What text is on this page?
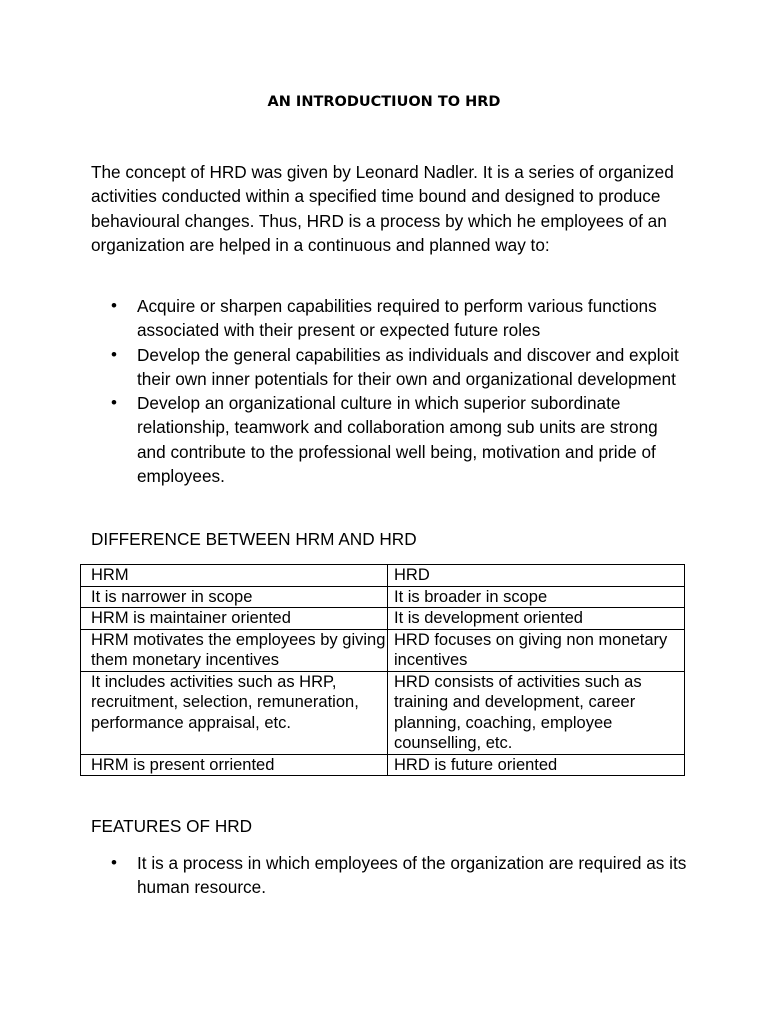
AN INTRODUCTIUON TO HRD

The concept of HRD was given by Leonard Nadler. It is a series of organized activities conducted within a specified time bound and designed to produce behavioural changes. Thus, HRD is a process by which he employees of an organization are helped in a continuous and planned way to:

• Acquire or sharpen capabilities required to perform various functions associated with their present or expected future roles
• Develop the general capabilities as individuals and discover and exploit their own inner potentials for their own and organizational development
• Develop an organizational culture in which superior subordinate relationship, teamwork and collaboration among sub units are strong and contribute to the professional well being, motivation and pride of employees.
DIFFERENCE BETWEEN HRM AND HRD
HRM	HRD
It is narrower in scope	It is broader in scope
HRM is maintainer oriented	It is development oriented
HRM motivates the employees by giving them monetary incentives	HRD focuses on giving non monetary incentives
It includes activities such as HRP, recruitment, selection, remuneration, performance appraisal, etc.	HRD consists of activities such as training and development, career planning, coaching, employee counselling, etc.
HRM is present orriented	HRD is future oriented
FEATURES OF HRD
• It is a process in which employees of the organization are required as its human resource.
